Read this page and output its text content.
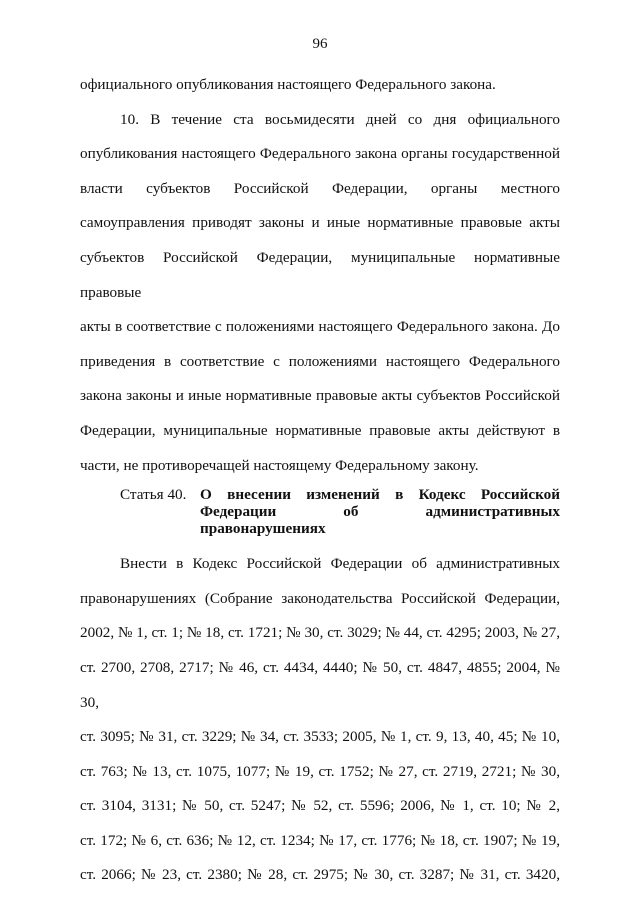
96

официального опубликования настоящего Федерального закона.

10. В течение ста восьмидесяти дней со дня официального

опубликования настоящего Федерального закона органы государственной

власти субъектов Российской Федерации, органы местного

самоуправления приводят законы и иные нормативные правовые акты

субъектов Российской Федерации, муниципальные нормативные правовые

акты в соответствие с положениями настоящего Федерального закона. До

приведения в соответствие с положениями настоящего Федерального

закона законы и иные нормативные правовые акты субъектов Российской

Федерации, муниципальные нормативные правовые акты действуют в

части, не противоречащей настоящему Федеральному закону.

Статья 40. О внесении изменений в Кодекс Российской
Федерации об административных правонарушениях

Внести в Кодекс Российской Федерации об административных

правонарушениях (Собрание законодательства Российской Федерации,

2002, № 1, ст. 1; № 18, ст. 1721; № 30, ст. 3029; № 44, ст. 4295; 2003, № 27,

ст. 2700, 2708, 2717; № 46, ст. 4434, 4440; № 50, ст. 4847, 4855; 2004, № 30,

ст. 3095; № 31, ст. 3229; № 34, ст. 3533; 2005, № 1, ст. 9, 13, 40, 45; № 10,

ст. 763; № 13, ст. 1075, 1077; № 19, ст. 1752; № 27, ст. 2719, 2721; № 30,

ст. 3104, 3131; № 50, ст. 5247; № 52, ст. 5596; 2006, № 1, ст. 10; № 2,

ст. 172; № 6, ст. 636; № 12, ст. 1234; № 17, ст. 1776; № 18, ст. 1907; № 19,

ст. 2066; № 23, ст. 2380; № 28, ст. 2975; № 30, ст. 3287; № 31, ст. 3420,
